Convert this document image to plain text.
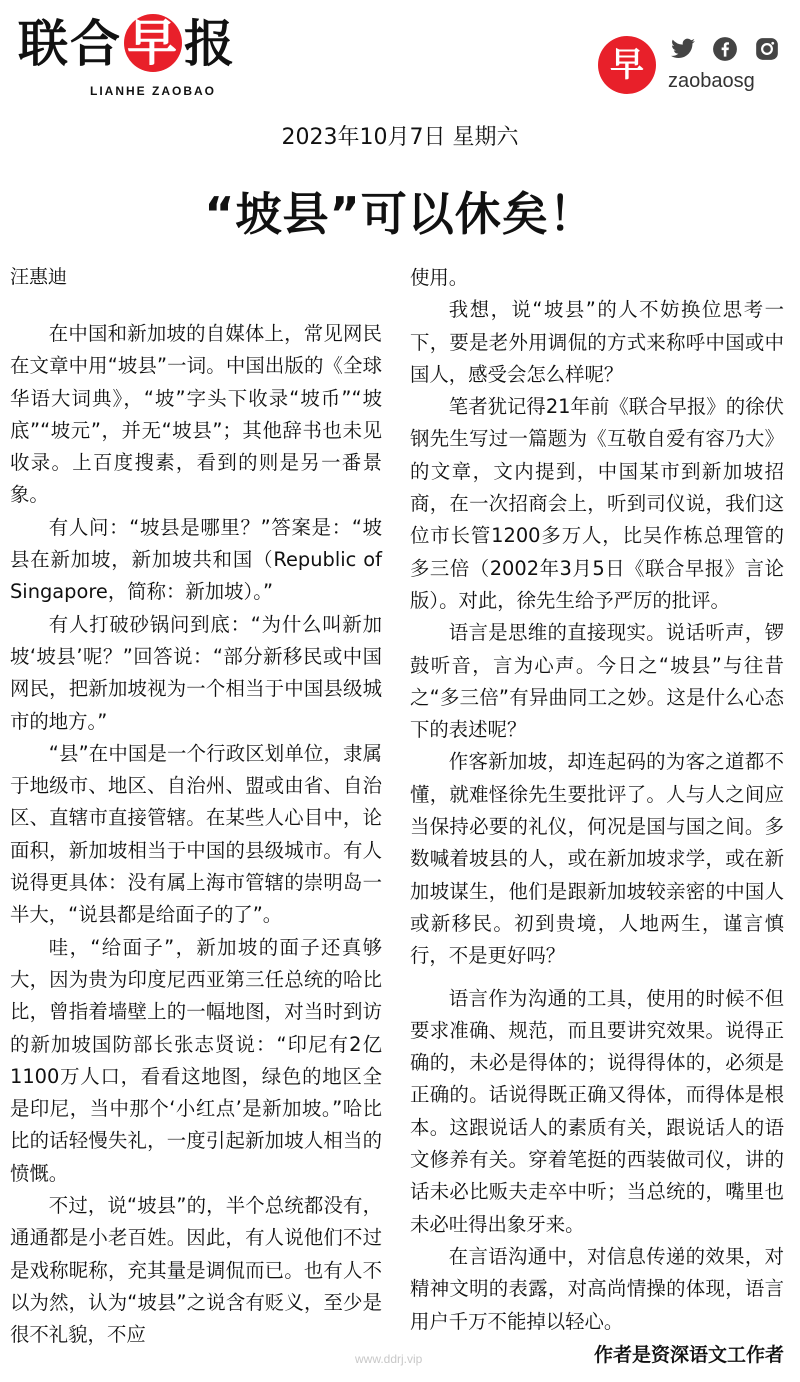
联合 早 报
LIANHE ZAOBAO
早	zaobaosg
2023年10月7日 星期六
“坡县”可以休矣！
汪惠迪

在中国和新加坡的自媒体上，常见网民在文章中用“坡县”一词。中国出版的《全球华语大词典》，“坡”字头下收录“坡币”“坡底”“坡元”，并无“坡县”；其他辞书也未见收录。上百度搜素，看到的则是另一番景象。

有人问：“坡县是哪里？”答案是：“坡县在新加坡，新加坡共和国（Republic of Singapore，简称：新加坡）。”

有人打破砂锅问到底：“为什么叫新加坡‘坡县’呢？”回答说：“部分新移民或中国网民，把新加坡视为一个相当于中国县级城市的地方。”

“县”在中国是一个行政区划单位，隶属于地级市、地区、自治州、盟或由省、自治区、直辖市直接管辖。在某些人心目中，论面积，新加坡相当于中国的县级城市。有人说得更具体：没有属上海市管辖的崇明岛一半大，“说县都是给面子的了”。

哇，“给面子”，新加坡的面子还真够大，因为贵为印度尼西亚第三任总统的哈比比，曾指着墙壁上的一幅地图，对当时到访的新加坡国防部长张志贤说：“印尼有2亿1100万人口，看看这地图，绿色的地区全是印尼，当中那个‘小红点’是新加坡。”哈比比的话轻慢失礼，一度引起新加坡人相当的愤慨。

不过，说“坡县”的，半个总统都没有，通通都是小老百姓。因此，有人说他们不过是戏称昵称，充其量是调侃而已。也有人不以为然，认为“坡县”之说含有贬义，至少是很不礼貌，不应

使用。

我想，说“坡县”的人不妨换位思考一下，要是老外用调侃的方式来称呼中国或中国人，感受会怎么样呢？

笔者犹记得21年前《联合早报》的徐伏钢先生写过一篇题为《互敬自爱有容乃大》的文章，文内提到，中国某市到新加坡招商，在一次招商会上，听到司仪说，我们这位市长管1200多万人，比吴作栋总理管的多三倍（2002年3月5日《联合早报》言论版）。对此，徐先生给予严厉的批评。

语言是思维的直接现实。说话听声，锣鼓听音，言为心声。今日之“坡县”与往昔之“多三倍”有异曲同工之妙。这是什么心态下的表述呢？

作客新加坡，却连起码的为客之道都不懂，就难怪徐先生要批评了。人与人之间应当保持必要的礼仪，何况是国与国之间。多数喊着坡县的人，或在新加坡求学，或在新加坡谋生，他们是跟新加坡较亲密的中国人或新移民。初到贵境，人地两生，谨言慎行，不是更好吗？

语言作为沟通的工具，使用的时候不但要求准确、规范，而且要讲究效果。说得正确的，未必是得体的；说得得体的，必须是正确的。话说得既正确又得体，而得体是根本。这跟说话人的素质有关，跟说话人的语文修养有关。穿着笔挺的西装做司仪，讲的话未必比贩夫走卒中听；当总统的，嘴里也未必吐得出象牙来。

在言语沟通中，对信息传递的效果，对精神文明的表露，对高尚情操的体现，语言用户千万不能掉以轻心。

作者是资深语文工作者
www.ddrj.vip
